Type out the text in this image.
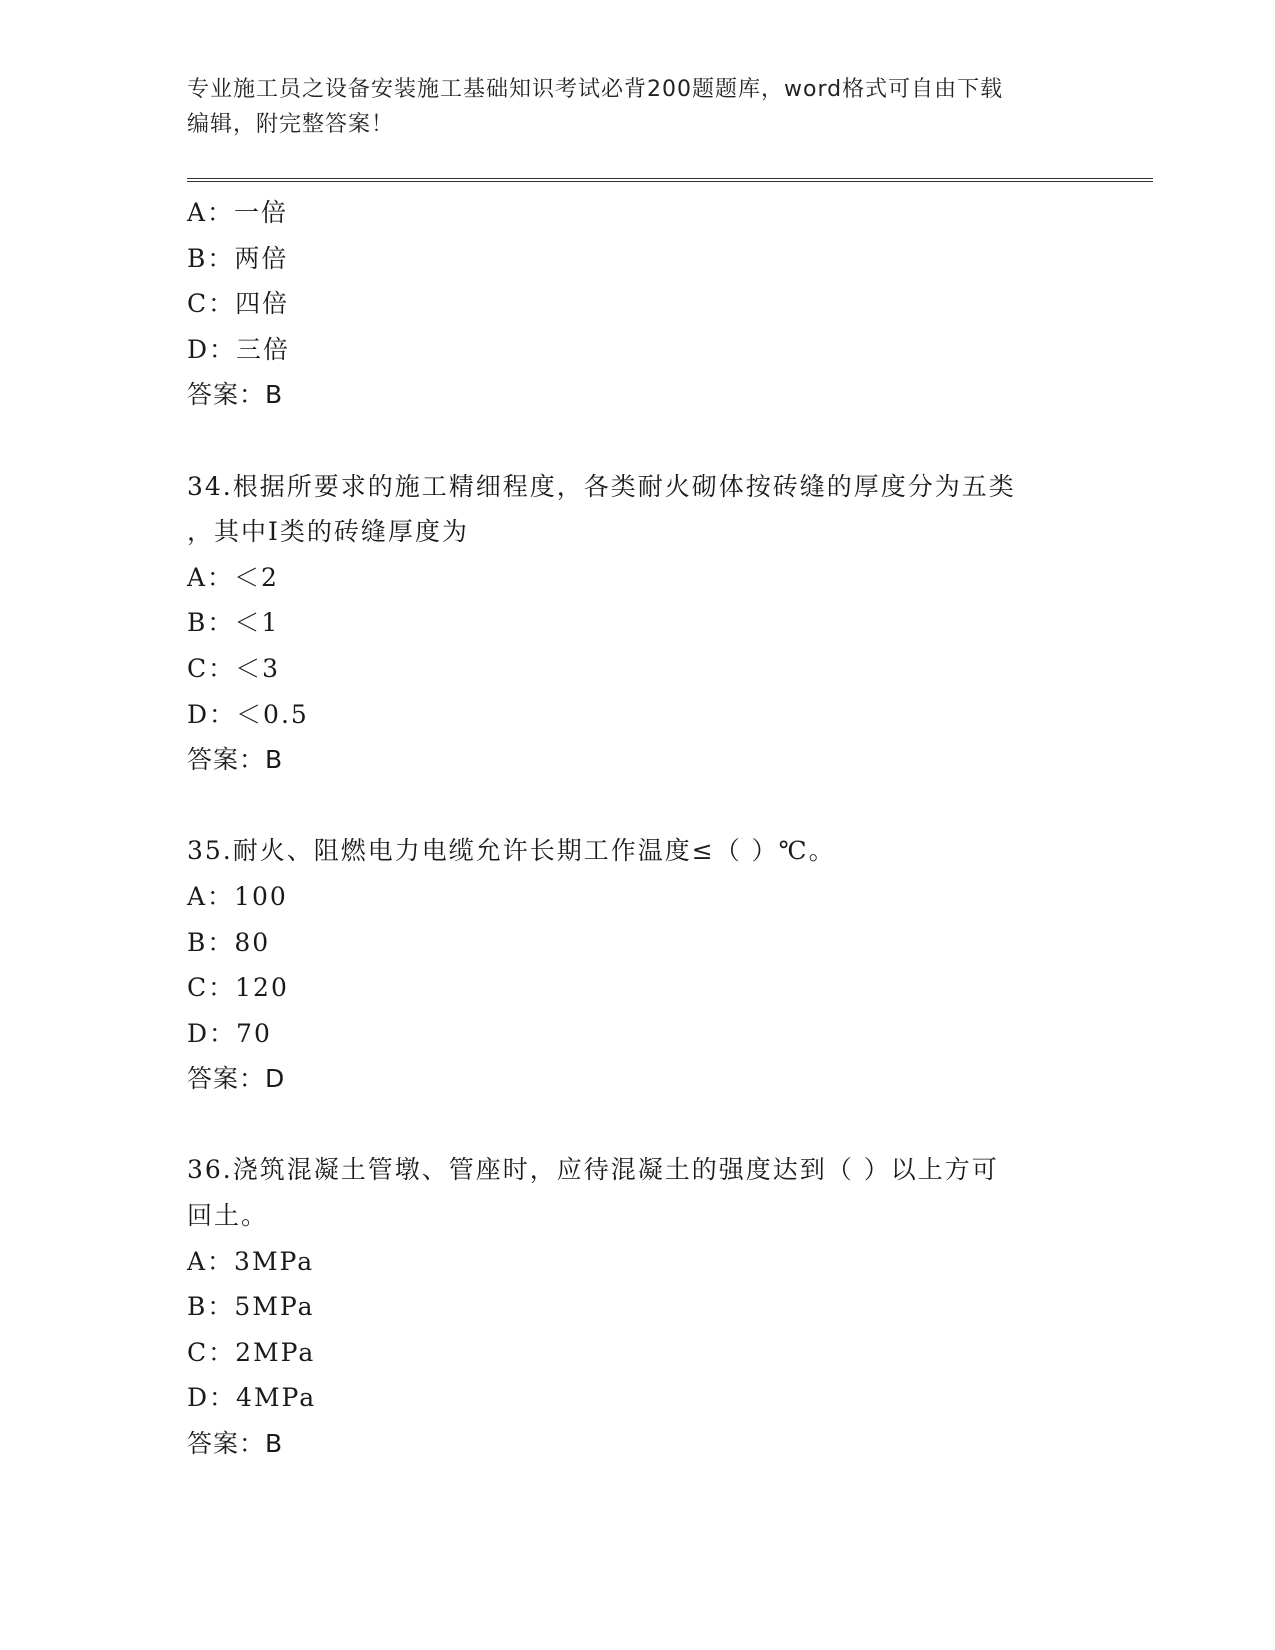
专业施工员之设备安装施工基础知识考试必背200题题库，word格式可自由下载
编辑，附完整答案！
A：一倍
B：两倍
C：四倍
D：三倍
答案：B
34.根据所要求的施工精细程度，各类耐火砌体按砖缝的厚度分为五类
，其中Ⅰ类的砖缝厚度为
A：＜2
B：＜1
C：＜3
D：＜0.5
答案：B
35.耐火、阻燃电力电缆允许长期工作温度≤（ ）℃。
A：100
B：80
C：120
D：70
答案：D
36.浇筑混凝土管墩、管座时，应待混凝土的强度达到（ ）以上方可
回土。
A：3MPa
B：5MPa
C：2MPa
D：4MPa
答案：B
